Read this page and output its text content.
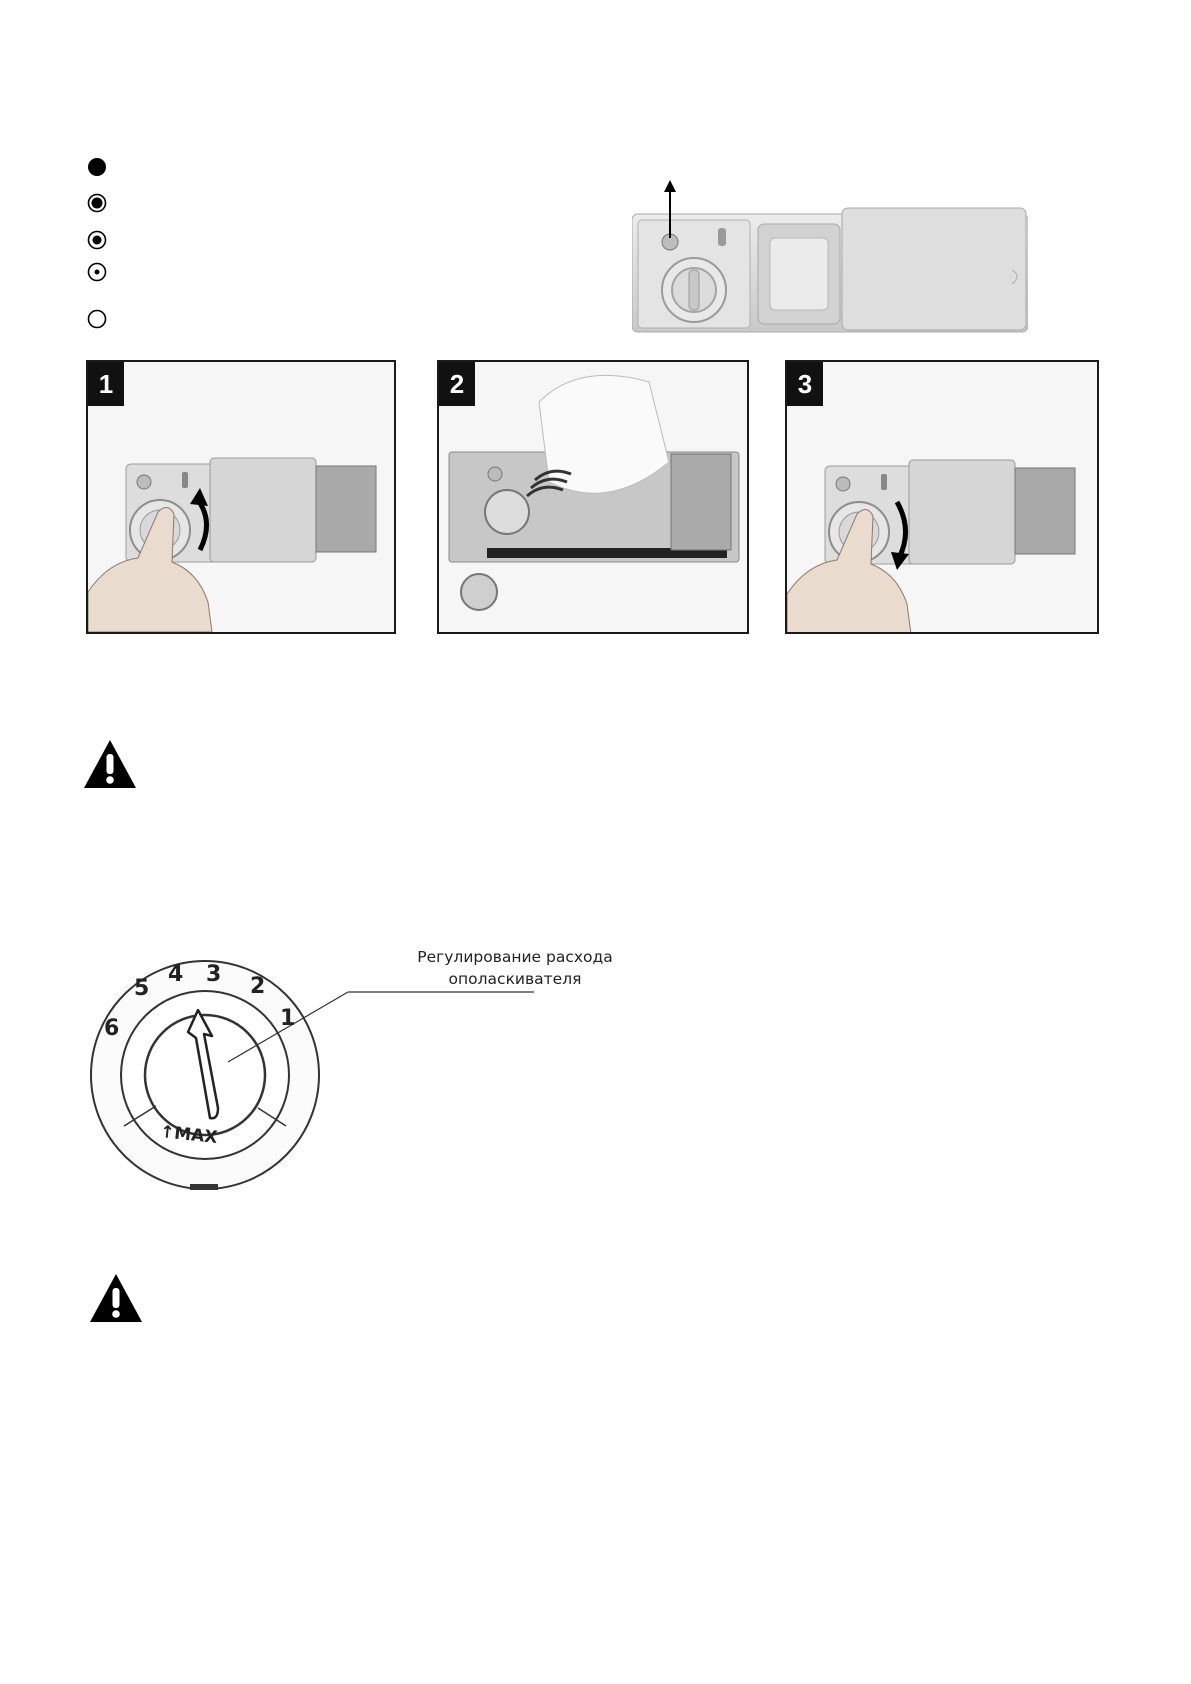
1	2	3
Регулирование расхода
ополаскивателя
1
2
3
4
5
6
↑MAX
